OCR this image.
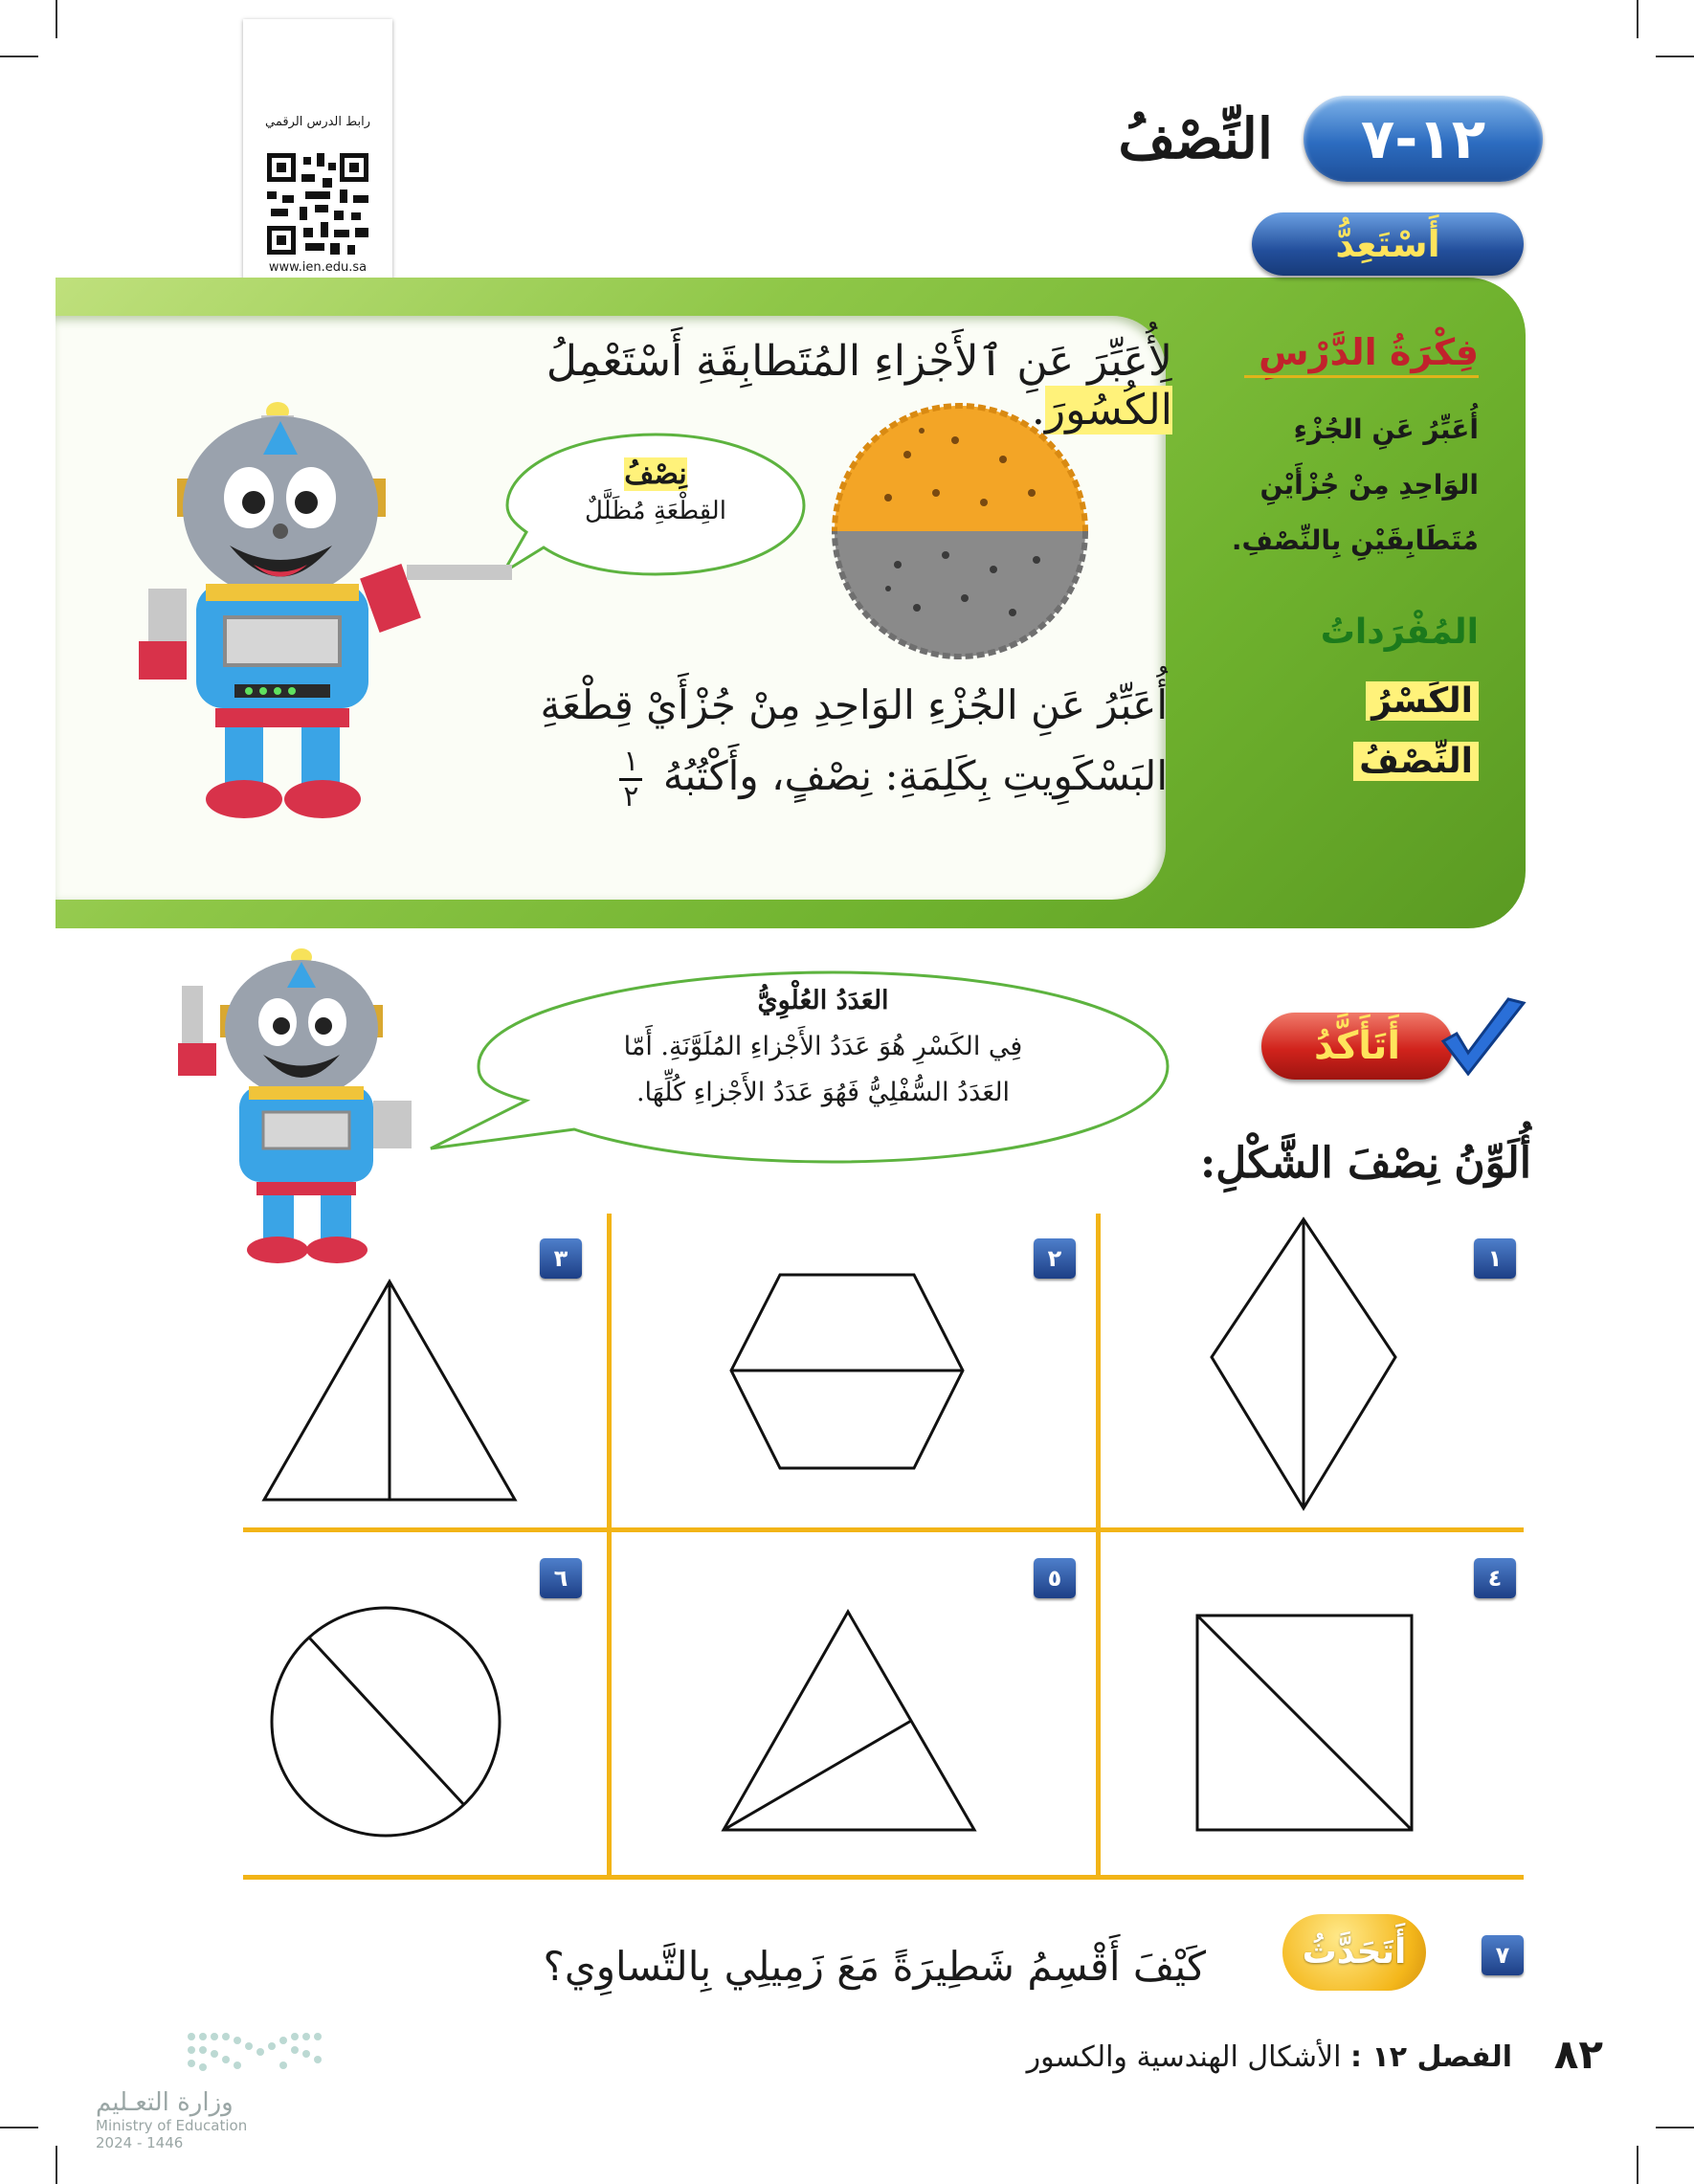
رابط الدرس الرقمي
www.ien.edu.sa
١٢-٧
النِّصْفُ
أَسْتَعِدُّ
فِكْرَةُ الدَّرْسِ
أُعَبِّرُ عَنِ الجُزْءِ الوَاحِدِ مِنْ جُزْأَيْنِ مُتَطَابِقَيْنِ بِالنِّصْفِ.
المُفْرَداتُ
الكَسْرُ
النِّصْفُ
لِأُعَبِّرَ عَنِ ٱلأَجْزاءِ المُتَطابِقَةِ أَسْتَعْمِلُ الكُسُورَ.
نِصْفُ
القِطْعَةِ مُظَلَّلٌ
أُعَبِّرُ عَنِ الجُزْءِ الوَاحِدِ مِنْ جُزْأَيْ قِطْعَةِ
البَسْكَوِيتِ بِكَلِمَةِ: نِصْفٍ، وأَكْتُبُهُ
$\frac{١}{٢}$
أَتَأَكَّدُ
العَدَدُ العُلْوِيُّ
فِي الكَسْرِ هُوَ عَدَدُ الأَجْزاءِ المُلَوَّنَةِ. أَمّا
العَدَدُ السُّفْلِيُّ فَهُوَ عَدَدُ الأَجْزاءِ كُلِّهَا.
أُلَوِّنُ نِصْفَ الشَّكْلِ:
١
٢
٣
٤
٥
٦
٧
أَتَحَدَّثُ
كَيْفَ أَقْسِمُ شَطِيرَةً مَعَ زَمِيلِي بِالتَّساوِي؟
وزارة التعـليم
Ministry of Education
2024 - 1446
الفصل ١٢ : الأشكال الهندسية والكسور	٨٢
